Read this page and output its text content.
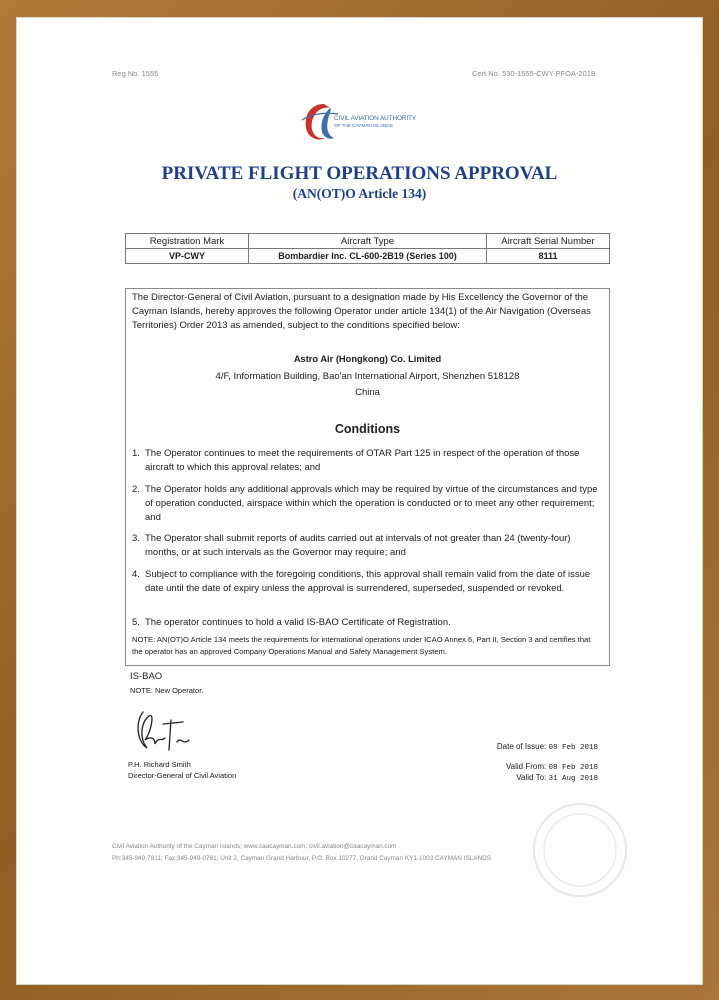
Reg No. 1555	Cert No. 530-1555-CWY-PFOA-2018
CIVIL AVIATION AUTHORITY
OF THE CAYMAN ISLANDS
PRIVATE FLIGHT OPERATIONS APPROVAL
(AN(OT)O Article 134)
Registration Mark	Aircraft Type	Aircraft Serial Number
VP-CWY	Bombardier Inc. CL-600-2B19 (Series 100)	8111
The Director-General of Civil Aviation, pursuant to a designation made by His Excellency the Governor of the Cayman Islands, hereby approves the following Operator under article 134(1) of the Air Navigation (Overseas Territories) Order 2013 as amended, subject to the conditions specified below:
Astro Air (Hongkong) Co. Limited
4/F, Information Building, Bao'an International Airport, Shenzhen 518128
China
Conditions
1. The Operator continues to meet the requirements of OTAR Part 125 in respect of the operation of those aircraft to which this approval relates; and
2. The Operator holds any additional approvals which may be required by virtue of the circumstances and type of operation conducted, airspace within which the operation is conducted or to meet any other requirement; and
3. The Operator shall submit reports of audits carried out at intervals of not greater than 24 (twenty-four) months, or at such intervals as the Governor may require; and
4. Subject to compliance with the foregoing conditions, this approval shall remain valid from the date of issue date until the date of expiry unless the approval is surrendered, superseded, suspended or revoked.
5. The operator continues to hold a valid IS-BAO Certificate of Registration.
NOTE: AN(OT)O Article 134 meets the requirements for international operations under ICAO Annex 6, Part II, Section 3 and certifies that the operator has an approved Company Operations Manual and Safety Management System.
IS-BAO
NOTE: New Operator.
P.H. Richard Smith
Director-General of Civil Aviation
Date of Issue: 08 Feb 2018
Valid From: 08 Feb 2018
Valid To: 31 Aug 2018
Civil Aviation Authority of the Cayman Islands; www.caacayman.com; civil.aviation@caacayman.com
Ph:345-949-7811; Fax:345-949-0761; Unit 2, Cayman Grand Harbour, P.O. Box 10277, Grand Cayman KY1-1003 CAYMAN ISLANDS
